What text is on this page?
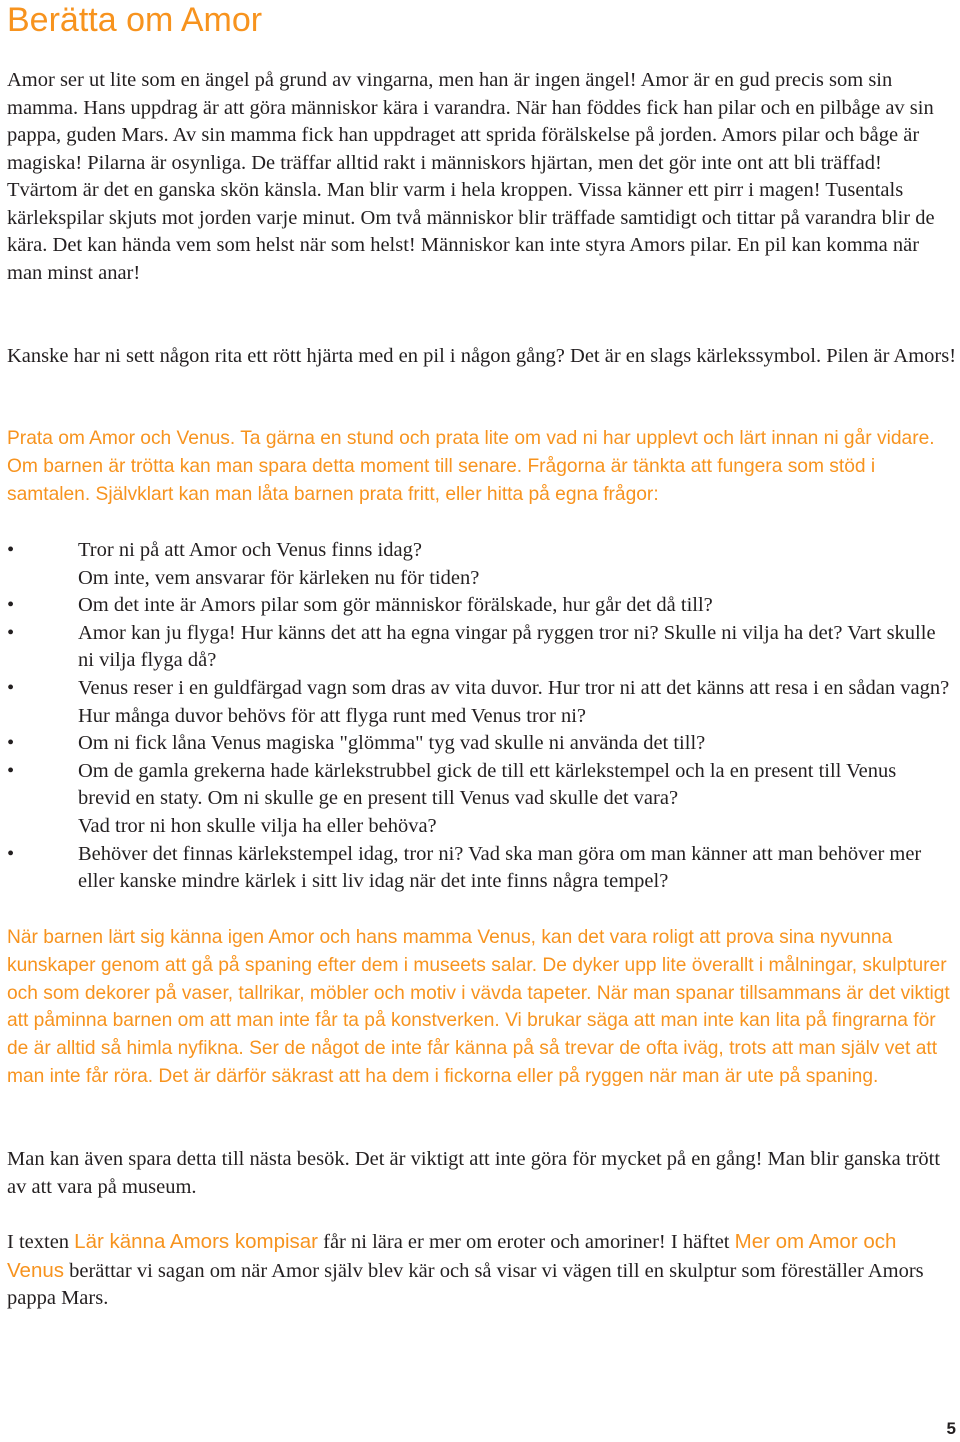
Berätta om Amor

Amor ser ut lite som en ängel på grund av vingarna, men han är ingen ängel! Amor är en gud precis som sin mamma. Hans uppdrag är att göra människor kära i varandra. När han föddes fick han pilar och en pilbåge av sin pappa, guden Mars. Av sin mamma fick han uppdraget att sprida förälskelse på jorden. Amors pilar och båge är magiska! Pilarna är osynliga. De träffar alltid rakt i människors hjärtan, men det gör inte ont att bli träffad! Tvärtom är det en ganska skön känsla. Man blir varm i hela kroppen. Vissa känner ett pirr i magen! Tusentals kärlekspilar skjuts mot jorden varje minut. Om två människor blir träffade samtidigt och tittar på varandra blir de kära. Det kan hända vem som helst när som helst! Människor kan inte styra Amors pilar. En pil kan komma när man minst anar!

Kanske har ni sett någon rita ett rött hjärta med en pil i någon gång? Det är en slags kärlekssymbol. Pilen är Amors!

Prata om Amor och Venus. Ta gärna en stund och prata lite om vad ni har upplevt och lärt innan ni går vidare. Om barnen är trötta kan man spara detta moment till senare. Frågorna är tänkta att fungera som stöd i samtalen. Självklart kan man låta barnen prata fritt, eller hitta på egna frågor:

• Tror ni på att Amor och Venus finns idag?
Om inte, vem ansvarar för kärleken nu för tiden?
• Om det inte är Amors pilar som gör människor förälskade, hur går det då till?
• Amor kan ju flyga! Hur känns det att ha egna vingar på ryggen tror ni? Skulle ni vilja ha det? Vart skulle ni vilja flyga då?
• Venus reser i en guldfärgad vagn som dras av vita duvor. Hur tror ni att det känns att resa i en sådan vagn? Hur många duvor behövs för att flyga runt med Venus tror ni?
• Om ni fick låna Venus magiska "glömma" tyg vad skulle ni använda det till?
• Om de gamla grekerna hade kärlekstrubbel gick de till ett kärlekstempel och la en present till Venus brevid en staty. Om ni skulle ge en present till Venus vad skulle det vara?
Vad tror ni hon skulle vilja ha eller behöva?
• Behöver det finnas kärlekstempel idag, tror ni? Vad ska man göra om man känner att man behöver mer eller kanske mindre kärlek i sitt liv idag när det inte finns några tempel?

När barnen lärt sig känna igen Amor och hans mamma Venus, kan det vara roligt att prova sina nyvunna kunskaper genom att gå på spaning efter dem i museets salar. De dyker upp lite överallt i målningar, skulpturer och som dekorer på vaser, tallrikar, möbler och motiv i vävda tapeter. När man spanar tillsammans är det viktigt att påminna barnen om att man inte får ta på konstverken. Vi brukar säga att man inte kan lita på fingrarna för de är alltid så himla nyfikna. Ser de något de inte får känna på så trevar de ofta iväg, trots att man själv vet att man inte får röra. Det är därför säkrast att ha dem i fickorna eller på ryggen när man är ute på spaning.

Man kan även spara detta till nästa besök. Det är viktigt att inte göra för mycket på en gång! Man blir ganska trött av att vara på museum.

I texten Lär känna Amors kompisar får ni lära er mer om eroter och amoriner! I häftet Mer om Amor och Venus berättar vi sagan om när Amor själv blev kär och så visar vi vägen till en skulptur som föreställer Amors pappa Mars.

5
